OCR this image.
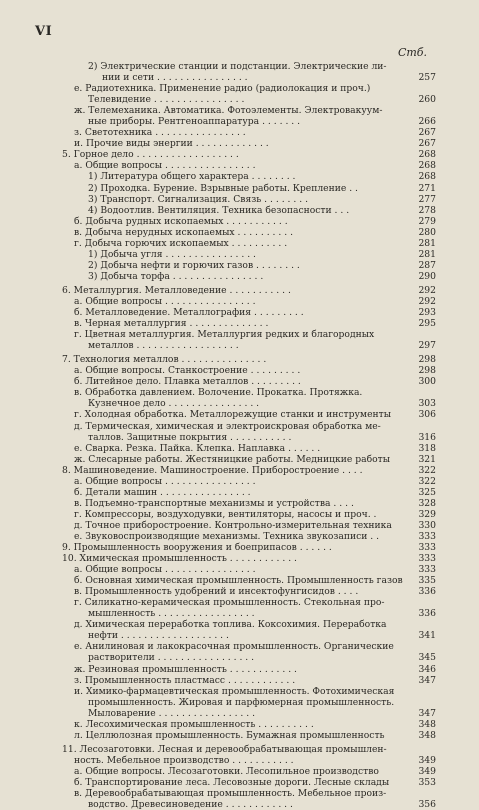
VI
Стб.
2) Электрические станции и подстанции. Электрические ли-
нии и сети . . . . . . . . . . . . . . . .	257
е. Радиотехника. Применение радио (радиолокация и проч.)
Телевидение . . . . . . . . . . . . . . . .	260
ж. Телемеханика. Автоматика. Фотоэлементы. Электровакуум-
ные приборы. Рентгеноаппаратура . . . . . . .	266
з. Светотехника . . . . . . . . . . . . . . . .	267
и. Прочие виды энергии . . . . . . . . . . . . .	267
5. Горное дело . . . . . . . . . . . . . . . . . .	268
а. Общие вопросы . . . . . . . . . . . . . . . .	268
1) Литература общего характера . . . . . . . .	268
2) Проходка. Бурение. Взрывные работы. Крепление . .	271
3) Транспорт. Сигнализация. Связь . . . . . . . .	277
4) Водоотлив. Вентиляция. Техника безопасности . . .	278
б. Добыча рудных ископаемых . . . . . . . . . . .	279
в. Добыча нерудных ископаемых . . . . . . . . . .	280
г. Добыча горючих ископаемых . . . . . . . . . .	281
1) Добыча угля . . . . . . . . . . . . . . . .	281
2) Добыча нефти и горючих газов . . . . . . . .	287
3) Добыча торфа . . . . . . . . . . . . . . . .	290
6. Металлургия. Металловедение . . . . . . . . . . .	292
а. Общие вопросы . . . . . . . . . . . . . . . .	292
б. Металловедение. Металлография . . . . . . . . .	293
в. Черная металлургия . . . . . . . . . . . . . .	295
г. Цветная металлургия. Металлургия редких и благородных
металлов . . . . . . . . . . . . . . . . . .	297
7. Технология металлов . . . . . . . . . . . . . . .	298
а. Общие вопросы. Станкостроение . . . . . . . . .	298
б. Литейное дело. Плавка металлов . . . . . . . . .	300
в. Обработка давлением. Волочение. Прокатка. Протяжка.
Кузнечное дело . . . . . . . . . . . . . . . .	303
г. Холодная обработка. Металлорежущие станки и инструменты	306
д. Термическая, химическая и электроискровая обработка ме-
таллов. Защитные покрытия . . . . . . . . . . .	316
е. Сварка. Резка. Пайка. Клепка. Наплавка . . . . . .	318
ж. Слесарные работы. Жестяницкие работы. Медницкие работы	321
8. Машиноведение. Машиностроение. Приборостроение . . . .	322
а. Общие вопросы . . . . . . . . . . . . . . . .	322
б. Детали машин . . . . . . . . . . . . . . . .	325
в. Подъемно-транспортные механизмы и устройства . . . .	328
г. Компрессоры, воздуходувки, вентиляторы, насосы и проч. .	329
д. Точное приборостроение. Контрольно-измерительная техника	330
е. Звуковоспроизводящие механизмы. Техника звукозаписи . .	333
9. Промышленность вооружения и боеприпасов . . . . . .	333
10. Химическая промышленность . . . . . . . . . . . .	333
а. Общие вопросы . . . . . . . . . . . . . . . .	333
б. Основная химическая промышленность. Промышленность газов	335
в. Промышленность удобрений и инсектофунгисидов . . . .	336
г. Силикатно-керамическая промышленность. Стекольная про-
мышленность . . . . . . . . . . . . . . . . .	336
д. Химическая переработка топлива. Коксохимия. Переработка
нефти . . . . . . . . . . . . . . . . . . .	341
е. Анилиновая и лакокрасочная промышленность. Органические
растворители . . . . . . . . . . . . . . . . .	345
ж. Резиновая промышленность . . . . . . . . . . . .	346
з. Промышленность пластмасс . . . . . . . . . . . .	347
и. Химико-фармацевтическая промышленность. Фотохимическая
промышленность. Жировая и парфюмерная промышленность.
Мыловарение . . . . . . . . . . . . . . . . .	347
к. Лесохимическая промышленность . . . . . . . . . .	348
л. Целлюлозная промышленность. Бумажная промышленность	348
11. Лесозаготовки. Лесная и деревообрабатывающая промышлен-
ность. Мебельное производство . . . . . . . . . . .	349
а. Общие вопросы. Лесозаготовки. Лесопильное производство	349
б. Транспортирование леса. Лесовозные дороги. Лесные склады	353
в. Деревообрабатывающая промышленность. Мебельное произ-
водство. Древесиноведение . . . . . . . . . . . .	356
